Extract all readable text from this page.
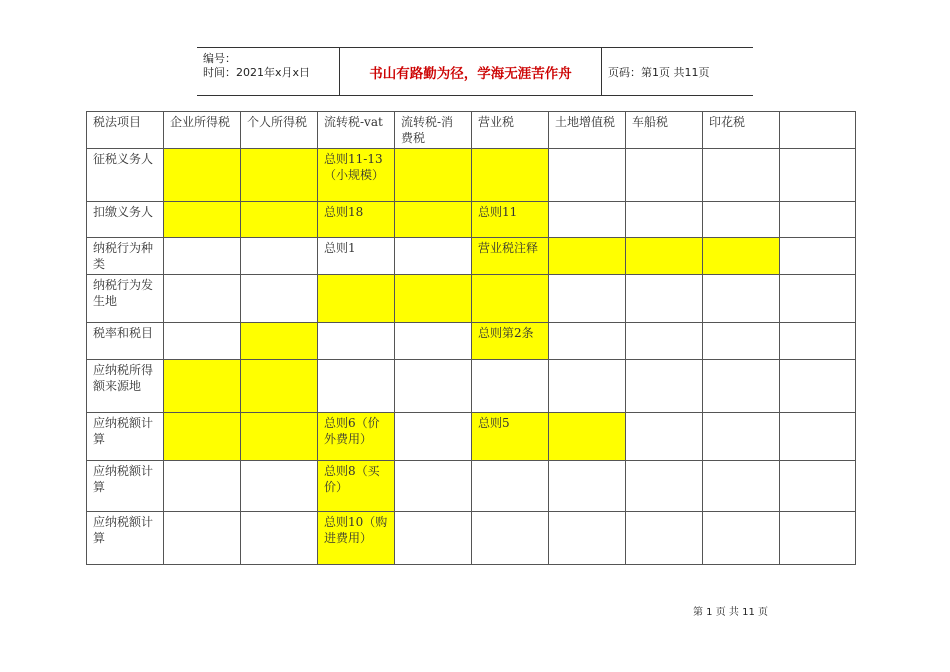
编号：
时间：2021年x月x日	书山有路勤为径，学海无涯苦作舟	页码：第1页 共11页
税法项目	企业所得税	个人所得税	流转税-vat	流转税-消费税	营业税	土地增值税	车船税	印花税	
征税义务人			总则11-13（小规模）						
扣缴义务人			总则18		总则11				
纳税行为种类			总则1		营业税注释				
纳税行为发生地									
税率和税目					总则第2条				
应纳税所得额来源地									
应纳税额计算			总则6（价外费用）		总则5				
应纳税额计算			总则8（买价）						
应纳税额计算			总则10（购进费用）						
第 1 页 共 11 页
